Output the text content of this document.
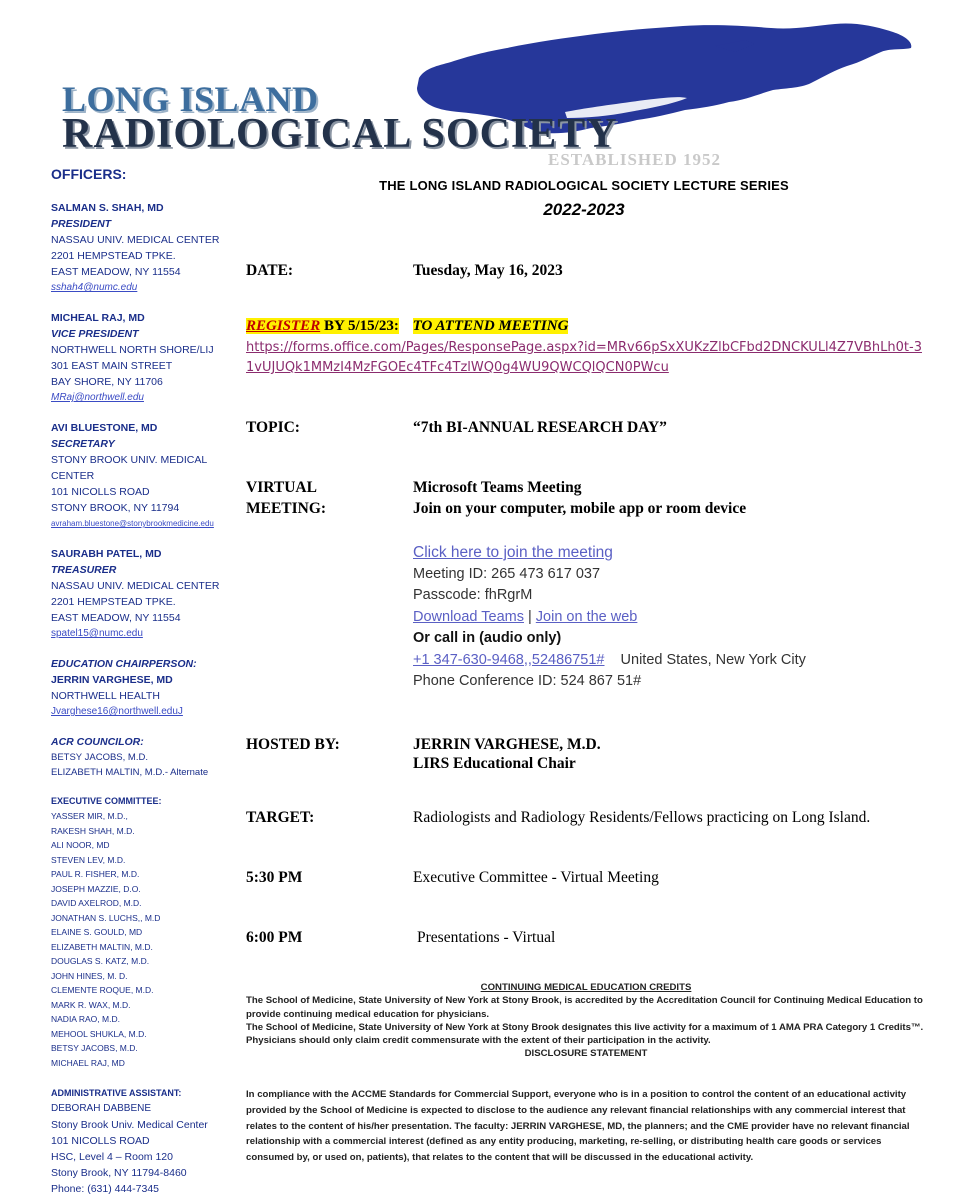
LONG ISLAND
RADIOLOGICAL SOCIETY
ESTABLISHED 1952
OFFICERS:
SALMAN S. SHAH, MD
PRESIDENT
NASSAU UNIV. MEDICAL CENTER
2201 HEMPSTEAD TPKE.
EAST MEADOW, NY 11554
sshah4@numc.edu
MICHEAL RAJ, MD
VICE PRESIDENT
NORTHWELL NORTH SHORE/LIJ
301 EAST MAIN STREET
BAY SHORE, NY 11706
MRaj@northwell.edu
AVI BLUESTONE, MD
SECRETARY
STONY BROOK UNIV. MEDICAL
CENTER
101 NICOLLS ROAD
STONY BROOK, NY 11794
avraham.bluestone@stonybrookmedicine.edu
SAURABH PATEL, MD
TREASURER
NASSAU UNIV. MEDICAL CENTER
2201 HEMPSTEAD TPKE.
EAST MEADOW, NY 11554
spatel15@numc.edu
EDUCATION CHAIRPERSON:
JERRIN VARGHESE, MD
NORTHWELL HEALTH
Jvarghese16@northwell.eduJ
ACR COUNCILOR:
BETSY JACOBS, M.D.
ELIZABETH MALTIN, M.D.- Alternate
EXECUTIVE COMMITTEE:
YASSER MIR, M.D.,
RAKESH SHAH, M.D.
ALI NOOR, MD
STEVEN LEV, M.D.
PAUL R. FISHER, M.D.
JOSEPH MAZZIE, D.O.
DAVID AXELROD, M.D.
JONATHAN S. LUCHS,, M.D
ELAINE S. GOULD, MD
ELIZABETH MALTIN, M.D.
DOUGLAS S. KATZ, M.D.
JOHN HINES, M. D.
CLEMENTE ROQUE, M.D.
MARK R. WAX, M.D.
NADIA RAO, M.D.
MEHOOL SHUKLA, M.D.
BETSY JACOBS, M.D.
MICHAEL RAJ, MD
ADMINISTRATIVE ASSISTANT:
DEBORAH DABBENE
Stony Brook Univ. Medical Center
101 NICOLLS ROAD
HSC, Level 4 – Room 120
Stony Brook, NY 11794-8460
Phone: (631) 444-7345
THE LONG ISLAND RADIOLOGICAL SOCIETY LECTURE SERIES
2022-2023
DATE:	Tuesday, May 16, 2023
REGISTER BY 5/15/23: TO ATTEND MEETING
https://forms.office.com/Pages/ResponsePage.aspx?id=MRv66pSxXUKzZlbCFbd2DNCKULl4Z7VBhLh0t-31vUJUQk1MMzI4MzFGOEc4TFc4TzlWQ0g4WU9QWCQlQCN0PWcu
TOPIC:	“7th BI-ANNUAL RESEARCH DAY”
VIRTUAL
MEETING:
Microsoft Teams Meeting
Join on your computer, mobile app or room device
Click here to join the meeting
Meeting ID: 265 473 617 037
Passcode: fhRgrM
Download Teams | Join on the web
Or call in (audio only)
+1 347-630-9468,,52486751# United States, New York City
Phone Conference ID: 524 867 51#
HOSTED BY:	JERRIN VARGHESE, M.D.
LIRS Educational Chair
TARGET:	Radiologists and Radiology Residents/Fellows practicing on Long Island.
5:30 PM	Executive Committee - Virtual Meeting
6:00 PM	Presentations - Virtual
CONTINUING MEDICAL EDUCATION CREDITS
The School of Medicine, State University of New York at Stony Brook, is accredited by the Accreditation Council for Continuing Medical Education to provide continuing medical education for physicians.
The School of Medicine, State University of New York at Stony Brook designates this live activity for a maximum of 1 AMA PRA Category 1 Credits™. Physicians should only claim credit commensurate with the extent of their participation in the activity.
DISCLOSURE STATEMENT
In compliance with the ACCME Standards for Commercial Support, everyone who is in a position to control the content of an educational activity provided by the School of Medicine is expected to disclose to the audience any relevant financial relationships with any commercial interest that relates to the content of his/her presentation. The faculty: JERRIN VARGHESE, MD, the planners; and the CME provider have no relevant financial relationship with a commercial interest (defined as any entity producing, marketing, re-selling, or distributing health care goods or services consumed by, or used on, patients), that relates to the content that will be discussed in the educational activity.
